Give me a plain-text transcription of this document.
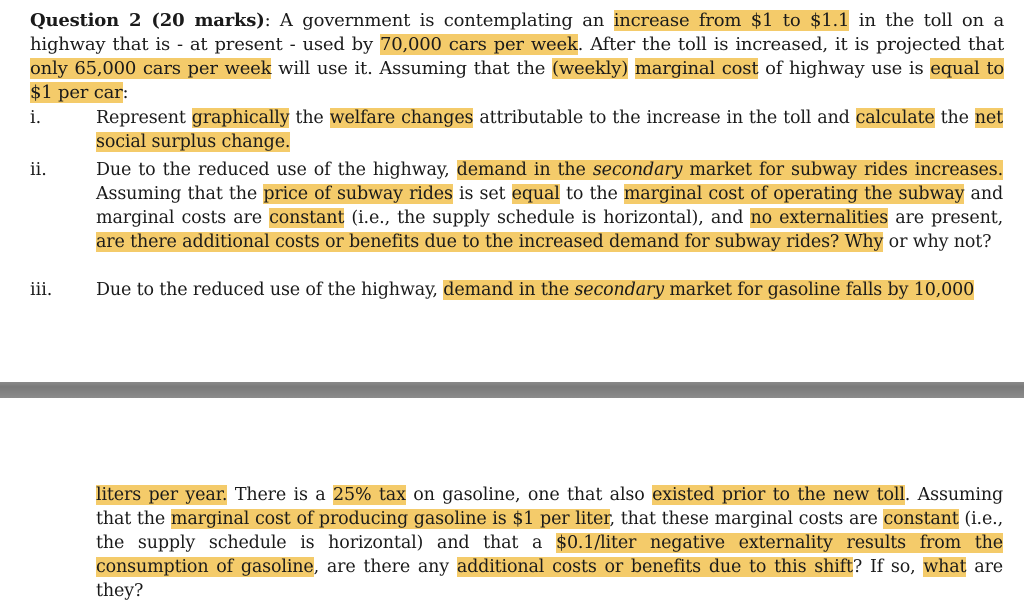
Question 2 (20 marks): A government is contemplating an increase from $1 to $1.1 in the toll on a highway that is - at present - used by 70,000 cars per week. After the toll is increased, it is projected that only 65,000 cars per week will use it. Assuming that the (weekly) marginal cost of highway use is equal to $1 per car:
i.	Represent graphically the welfare changes attributable to the increase in the toll and calculate the net social surplus change.
ii.	Due to the reduced use of the highway, demand in the secondary market for subway rides increases. Assuming that the price of subway rides is set equal to the marginal cost of operating the subway and marginal costs are constant (i.e., the supply schedule is horizontal), and no externalities are present, are there additional costs or benefits due to the increased demand for subway rides? Why or why not?
iii.	Due to the reduced use of the highway, demand in the secondary market for gasoline falls by 10,000
liters per year. There is a 25% tax on gasoline, one that also existed prior to the new toll. Assuming that the marginal cost of producing gasoline is $1 per liter, that these marginal costs are constant (i.e., the supply schedule is horizontal) and that a $0.1/liter negative externality results from the consumption of gasoline, are there any additional costs or benefits due to this shift? If so, what are they?
